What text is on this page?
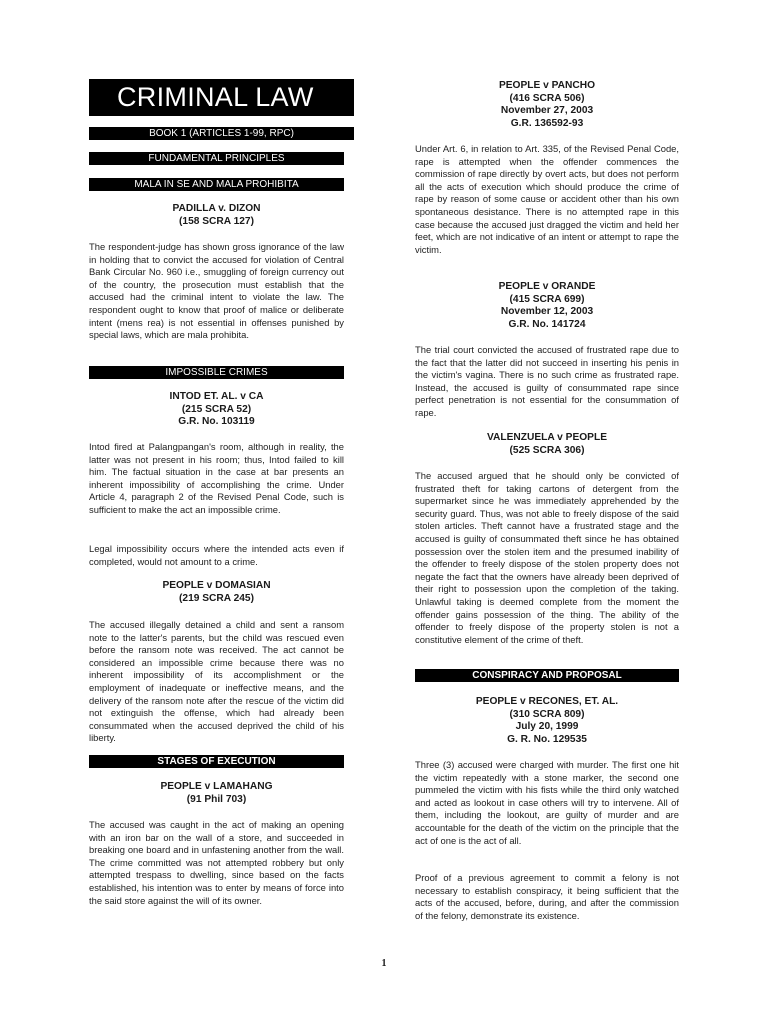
CRIMINAL LAW
BOOK 1 (ARTICLES 1-99, RPC)
FUNDAMENTAL PRINCIPLES
MALA IN SE AND MALA PROHIBITA
PADILLA v. DIZON
(158 SCRA 127)
The respondent-judge has shown gross ignorance of the law in holding that to convict the accused for violation of Central Bank Circular No. 960 i.e., smuggling of foreign currency out of the country, the prosecution must establish that the accused had the criminal intent to violate the law. The respondent ought to know that proof of malice or deliberate intent (mens rea) is not essential in offenses punished by special laws, which are mala prohibita.
IMPOSSIBLE CRIMES
INTOD ET. AL. v CA
(215 SCRA 52)
G.R. No. 103119
Intod fired at Palangpangan's room, although in reality, the latter was not present in his room; thus, Intod failed to kill him. The factual situation in the case at bar presents an inherent impossibility of accomplishing the crime. Under Article 4, paragraph 2 of the Revised Penal Code, such is sufficient to make the act an impossible crime.
Legal impossibility occurs where the intended acts even if completed, would not amount to a crime.
PEOPLE v DOMASIAN
(219 SCRA 245)
The accused illegally detained a child and sent a ransom note to the latter's parents, but the child was rescued even before the ransom note was received. The act cannot be considered an impossible crime because there was no inherent impossibility of its accomplishment or the employment of inadequate or ineffective means, and the delivery of the ransom note after the rescue of the victim did not extinguish the offense, which had already been consummated when the accused deprived the child of his liberty.
STAGES OF EXECUTION
PEOPLE v LAMAHANG
(91 Phil 703)
The accused was caught in the act of making an opening with an iron bar on the wall of a store, and succeeded in breaking one board and in unfastening another from the wall. The crime committed was not attempted robbery but only attempted trespass to dwelling, since based on the facts established, his intention was to enter by means of force into the said store against the will of its owner.
PEOPLE v PANCHO
(416 SCRA 506)
November 27, 2003
G.R. 136592-93
Under Art. 6, in relation to Art. 335, of the Revised Penal Code, rape is attempted when the offender commences the commission of rape directly by overt acts, but does not perform all the acts of execution which should produce the crime of rape by reason of some cause or accident other than his own spontaneous desistance. There is no attempted rape in this case because the accused just dragged the victim and held her feet, which are not indicative of an intent or attempt to rape the victim.
PEOPLE v ORANDE
(415 SCRA 699)
November 12, 2003
G.R. No. 141724
The trial court convicted the accused of frustrated rape due to the fact that the latter did not succeed in inserting his penis in the victim's vagina. There is no such crime as frustrated rape. Instead, the accused is guilty of consummated rape since perfect penetration is not essential for the consummation of rape.
VALENZUELA v PEOPLE
(525 SCRA 306)
The accused argued that he should only be convicted of frustrated theft for taking cartons of detergent from the supermarket since he was immediately apprehended by the security guard. Thus, was not able to freely dispose of the said stolen articles. Theft cannot have a frustrated stage and the accused is guilty of consummated theft since he has obtained possession over the stolen item and the presumed inability of the offender to freely dispose of the stolen property does not negate the fact that the owners have already been deprived of their right to possession upon the completion of the taking. Unlawful taking is deemed complete from the moment the offender gains possession of the thing. The ability of the offender to freely dispose of the property stolen is not a constitutive element of the crime of theft.
CONSPIRACY AND PROPOSAL
PEOPLE v RECONES, ET. AL.
(310 SCRA 809)
July 20, 1999
G. R. No. 129535
Three (3) accused were charged with murder. The first one hit the victim repeatedly with a stone marker, the second one pummeled the victim with his fists while the third only watched and acted as lookout in case others will try to intervene. All of them, including the lookout, are guilty of murder and are accountable for the death of the victim on the principle that the act of one is the act of all.
Proof of a previous agreement to commit a felony is not necessary to establish conspiracy, it being sufficient that the acts of the accused, before, during, and after the commission of the felony, demonstrate its existence.
1
